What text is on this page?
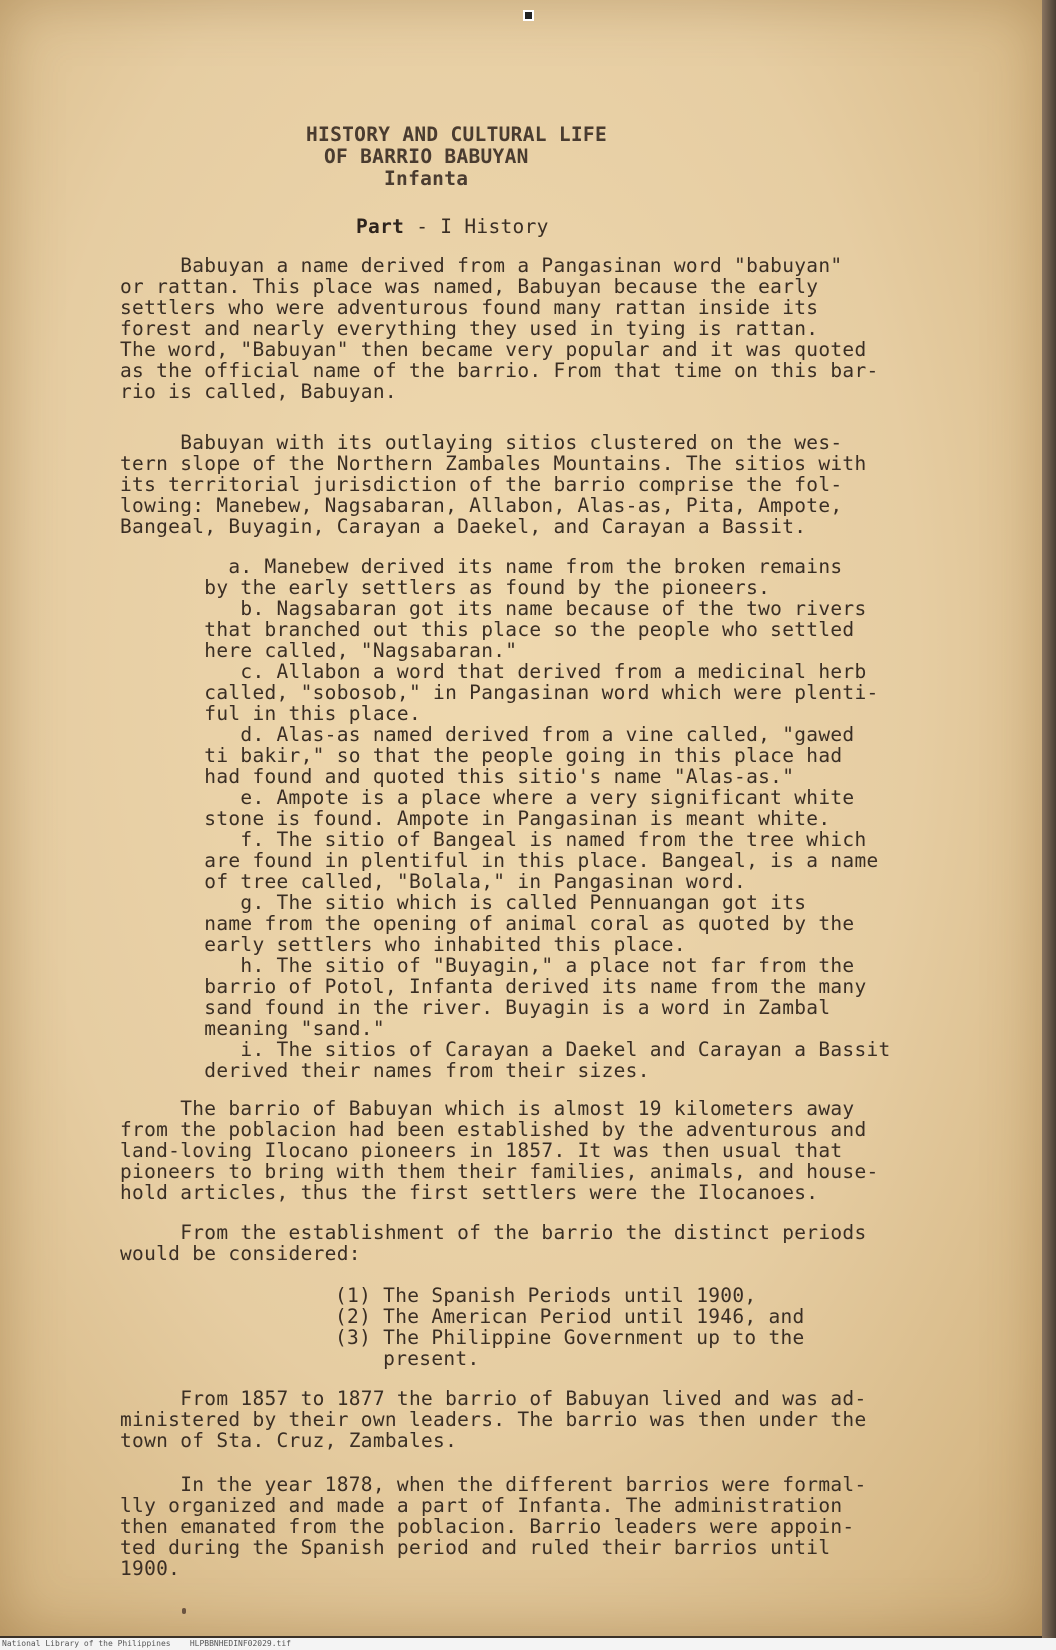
HISTORY AND CULTURAL LIFE
OF BARRIO BABUYAN
Infanta
Part - I History
Babuyan a name derived from a Pangasinan word "babuyan"
or rattan. This place was named, Babuyan because the early
settlers who were adventurous found many rattan inside its
forest and nearly everything they used in tying is rattan.
The word, "Babuyan" then became very popular and it was quoted
as the official name of the barrio. From that time on this bar-
rio is called, Babuyan.
Babuyan with its outlaying sitios clustered on the wes-
tern slope of the Northern Zambales Mountains. The sitios with
its territorial jurisdiction of the barrio comprise the fol-
lowing: Manebew, Nagsabaran, Allabon, Alas-as, Pita, Ampote,
Bangeal, Buyagin, Carayan a Daekel, and Carayan a Bassit.
a. Manebew derived its name from the broken remains
by the early settlers as found by the pioneers.
b. Nagsabaran got its name because of the two rivers
that branched out this place so the people who settled
here called, "Nagsabaran."
c. Allabon a word that derived from a medicinal herb
called, "sobosob," in Pangasinan word which were plenti-
ful in this place.
d. Alas-as named derived from a vine called, "gawed
ti bakir," so that the people going in this place had
had found and quoted this sitio's name "Alas-as."
e. Ampote is a place where a very significant white
stone is found. Ampote in Pangasinan is meant white.
f. The sitio of Bangeal is named from the tree which
are found in plentiful in this place. Bangeal, is a name
of tree called, "Bolala," in Pangasinan word.
g. The sitio which is called Pennuangan got its
name from the opening of animal coral as quoted by the
early settlers who inhabited this place.
h. The sitio of "Buyagin," a place not far from the
barrio of Potol, Infanta derived its name from the many
sand found in the river. Buyagin is a word in Zambal
meaning "sand."
i. The sitios of Carayan a Daekel and Carayan a Bassit
derived their names from their sizes.
The barrio of Babuyan which is almost 19 kilometers away
from the poblacion had been established by the adventurous and
land-loving Ilocano pioneers in 1857. It was then usual that
pioneers to bring with them their families, animals, and house-
hold articles, thus the first settlers were the Ilocanoes.
From the establishment of the barrio the distinct periods
would be considered:
(1) The Spanish Periods until 1900,
(2) The American Period until 1946, and
(3) The Philippine Government up to the
present.
From 1857 to 1877 the barrio of Babuyan lived and was ad-
ministered by their own leaders. The barrio was then under the
town of Sta. Cruz, Zambales.
In the year 1878, when the different barrios were formal-
lly organized and made a part of Infanta. The administration
then emanated from the poblacion. Barrio leaders were appoin-
ted during the Spanish period and ruled their barrios until
1900.
National Library of the Philippines    HLPBBNHEDINF02029.tif
